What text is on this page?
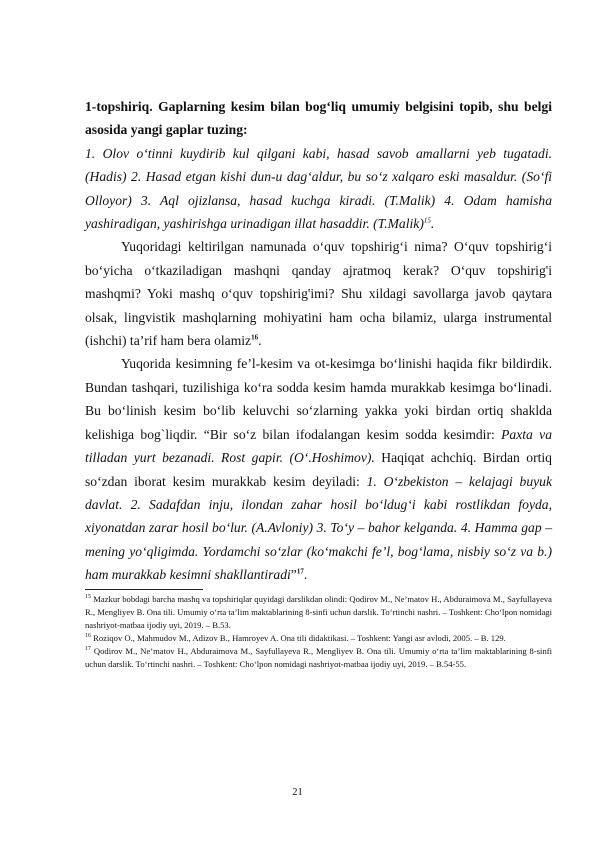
1-topshiriq. Gaplarning kesim bilan bog‘liq umumiy belgisini topib, shu belgi asosida yangi gaplar tuzing:

1. Olov o‘tinni kuydirib kul qilgani kabi, hasad savob amallarni yeb tugatadi. (Hadis) 2. Hasad etgan kishi dun-u dag‘aldur, bu so‘z xalqaro eski masaldur. (So‘fi Olloyor) 3. Aql ojizlansa, hasad kuchga kiradi. (T.Malik) 4. Odam hamisha yashiradigan, yashirishga urinadigan illat hasaddir. (T.Malik)$^{15}$.

Yuqoridagi keltirilgan namunada o‘quv topshirig‘i nima? O‘quv topshirig‘i bo‘yicha o‘tkaziladigan mashqni qanday ajratmoq kerak? O‘quv topshirig'i mashqmi? Yoki mashq o‘quv topshirig'imi? Shu xildagi savollarga javob qaytara olsak, lingvistik mashqlarning mohiyatini ham ocha bilamiz, ularga instrumental (ishchi) ta’rif ham bera olamiz$^{16}$.

Yuqorida kesimning fe’l-kesim va ot-kesimga bo‘linishi haqida fikr bildirdik. Bundan tashqari, tuzilishiga ko‘ra sodda kesim hamda murakkab kesimga bo‘linadi. Bu bo‘linish kesim bo‘lib keluvchi so‘zlarning yakka yoki birdan ortiq shaklda kelishiga bog`liqdir. “Bir so‘z bilan ifodalangan kesim sodda kesimdir: Paxta va tilladan yurt bezanadi. Rost gapir. (O‘.Hoshimov). Haqiqat achchiq. Birdan ortiq so‘zdan iborat kesim murakkab kesim deyiladi: 1. O‘zbekiston – kelajagi buyuk davlat. 2. Sadafdan inju, ilondan zahar hosil bo‘ldug‘i kabi rostlikdan foyda, xiyonatdan zarar hosil bo‘lur. (A.Avloniy) 3. To‘y – bahor kelganda. 4. Hamma gap – mening yo‘qligimda. Yordamchi so‘zlar (ko‘makchi fe’l, bog‘lama, nisbiy so‘z va b.) ham murakkab kesimni shakllantiradi”$^{17}$.

$^{15}$ Mazkur bobdagi barcha mashq va topshiriqlar quyidagi darslikdan olindi: Qodirov M., Ne’matov H., Abduraimova M., Sayfullayeva R., Mengliyev B. Ona tili. Umumiy o‘rta ta’lim maktablarining 8-sinfi uchun darslik. To‘rtinchi nashri. – Toshkent: Cho‘lpon nomidagi nashriyot-matbaa ijodiy uyi, 2019. – B.53.

$^{16}$ Roziqov O., Mahmudov M., Adizov B., Hamroyev A. Ona tili didaktikasi. – Toshkent: Yangi asr avlodi, 2005. – B. 129.

$^{17}$ Qodirov M., Ne’matov H., Abduraimova M., Sayfullayeva R., Mengliyev B. Ona tili. Umumiy o‘rta ta’lim maktablarining 8-sinfi uchun darslik. To‘rtinchi nashri. – Toshkent: Cho‘lpon nomidagi nashriyot-matbaa ijodiy uyi, 2019. – B.54-55.

21
